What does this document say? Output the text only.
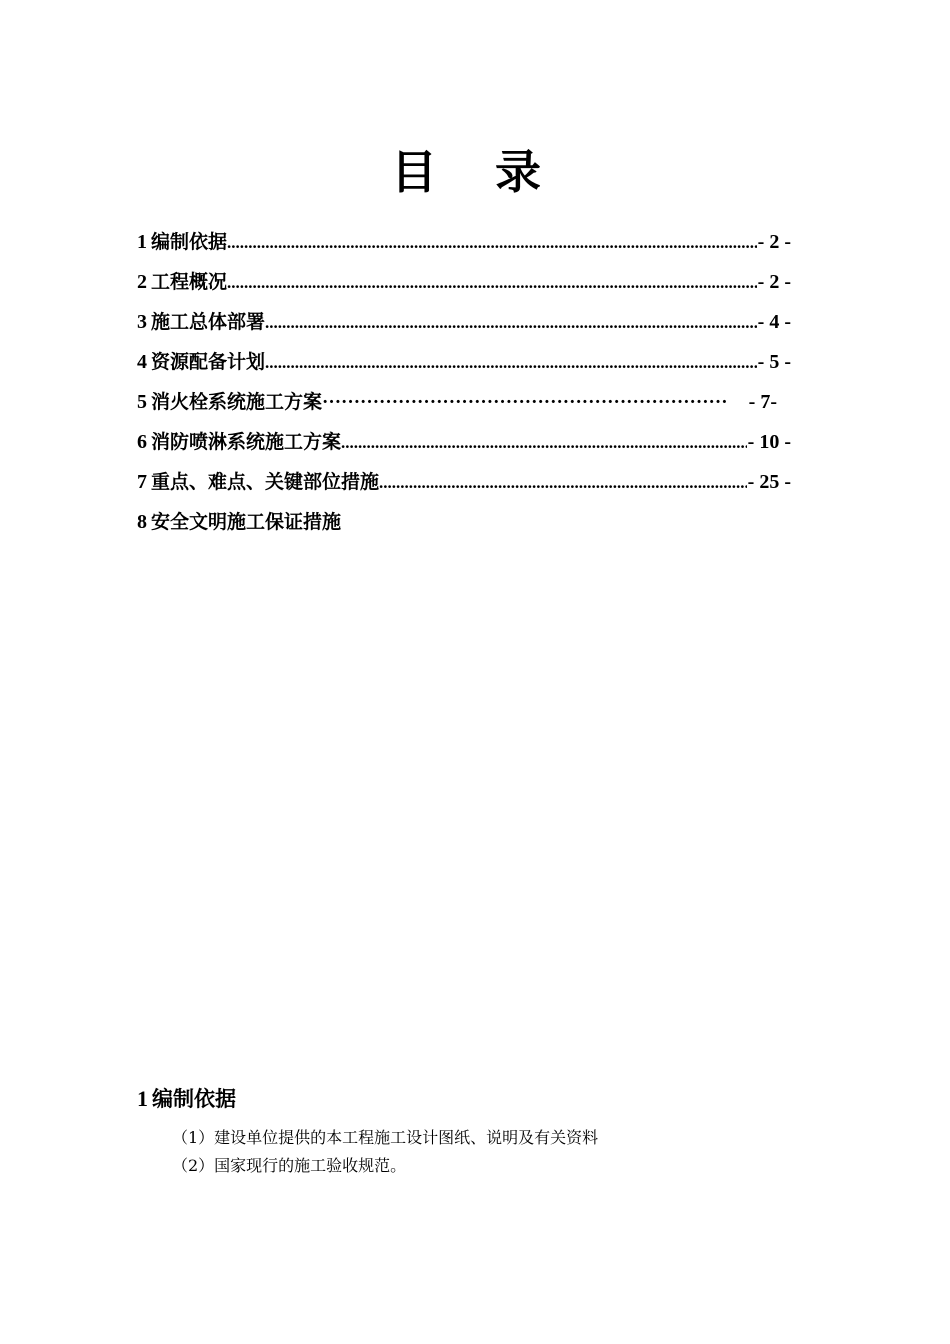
目录
1 编制依据 .....	- 2 -
2 工程概况 .....	- 2 -
3 施工总体部署 .....	- 4 -
4 资源配备计划 .....	- 5 -
5 消火栓系统施工方案 ·····	- 7-
6 消防喷淋系统施工方案 .....	- 10 -
7 重点、难点、关键部位措施 .....	- 25 -
8 安全文明施工保证措施
1 编制依据
（1）建设单位提供的本工程施工设计图纸、说明及有关资料
（2）国家现行的施工验收规范。
